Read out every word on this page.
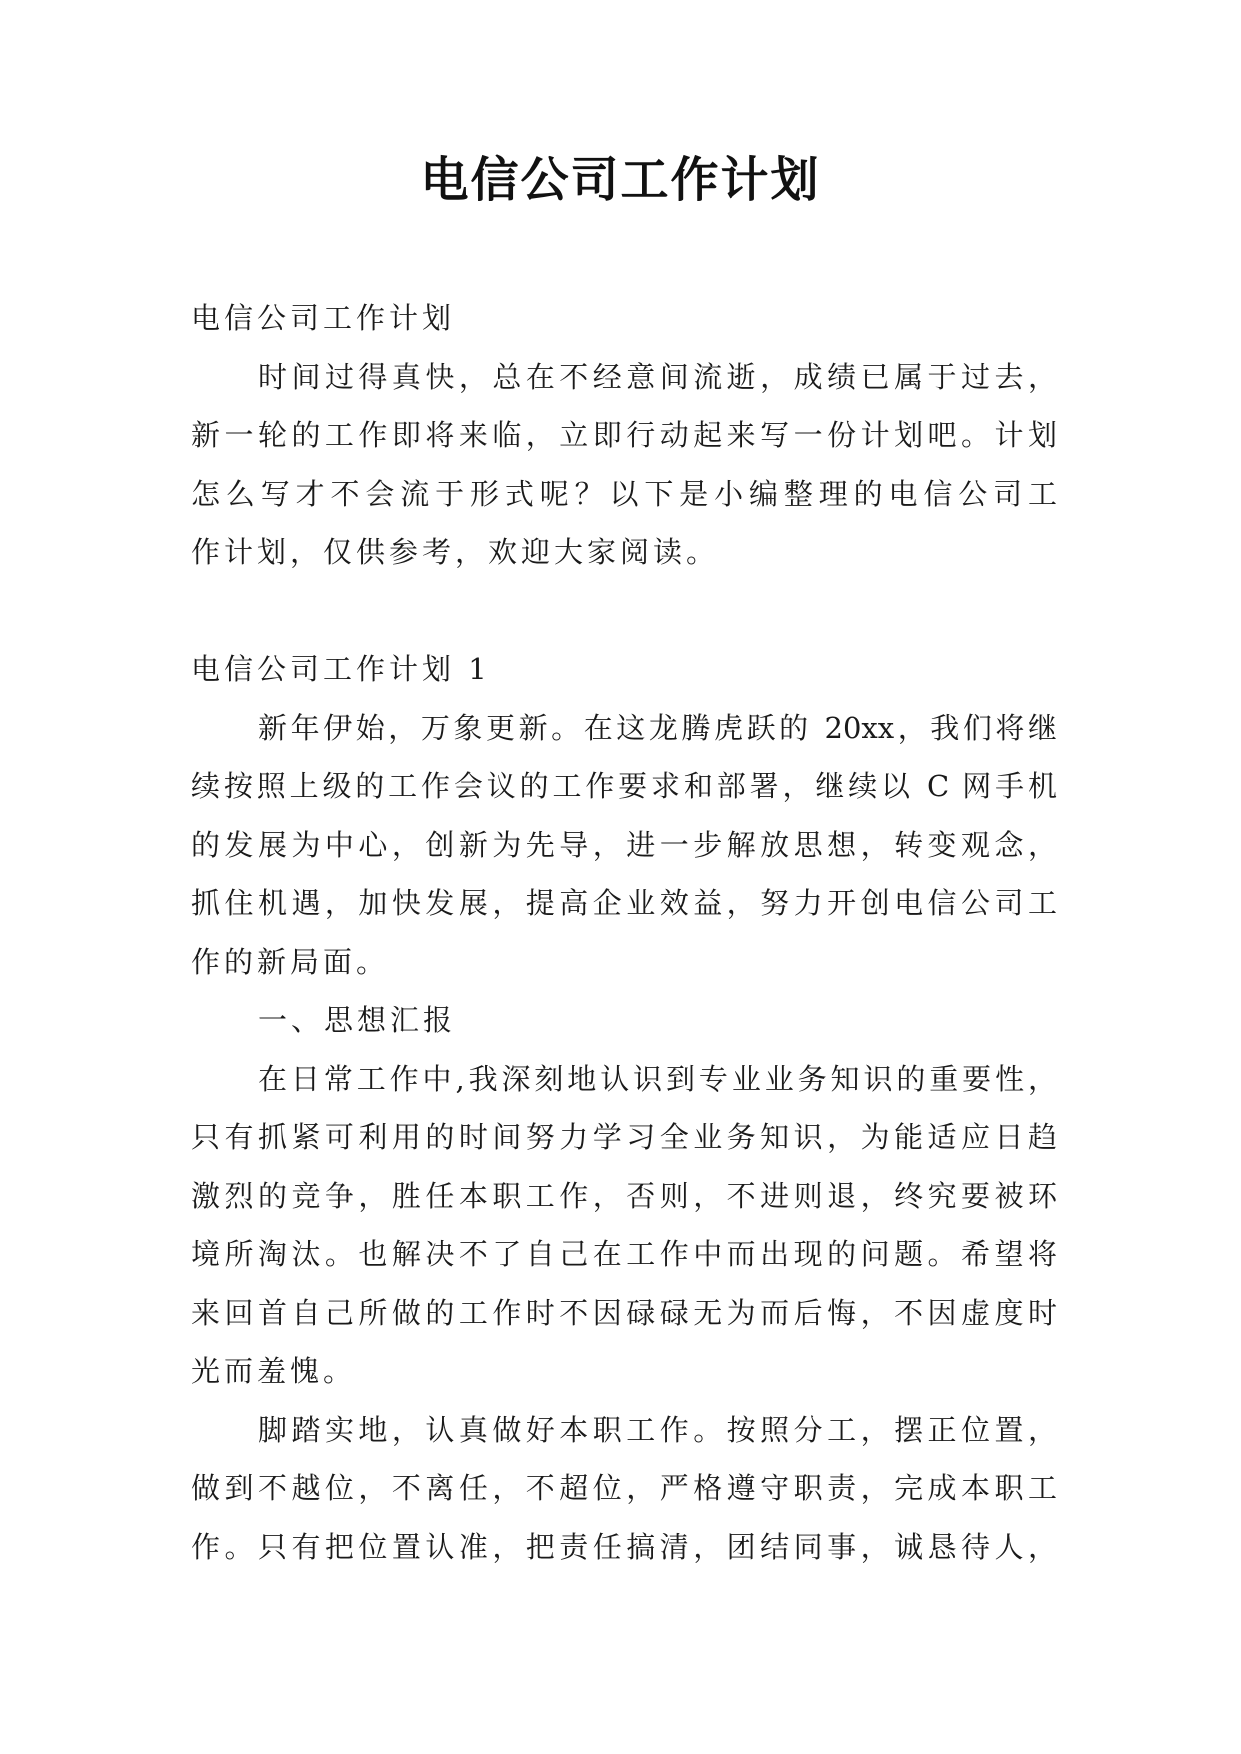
电信公司工作计划
电信公司工作计划
时间过得真快，总在不经意间流逝，成绩已属于过去，
新一轮的工作即将来临，立即行动起来写一份计划吧。计划
怎么写才不会流于形式呢？以下是小编整理的电信公司工
作计划，仅供参考，欢迎大家阅读。
电信公司工作计划 1
新年伊始，万象更新。在这龙腾虎跃的 20xx，我们将继
续按照上级的工作会议的工作要求和部署，继续以 C 网手机
的发展为中心，创新为先导，进一步解放思想，转变观念，
抓住机遇，加快发展，提高企业效益，努力开创电信公司工
作的新局面。
一、思想汇报
在日常工作中,我深刻地认识到专业业务知识的重要性，
只有抓紧可利用的时间努力学习全业务知识，为能适应日趋
激烈的竞争，胜任本职工作，否则，不进则退，终究要被环
境所淘汰。也解决不了自己在工作中而出现的问题。希望将
来回首自己所做的工作时不因碌碌无为而后悔，不因虚度时
光而羞愧。
脚踏实地，认真做好本职工作。按照分工，摆正位置，
做到不越位，不离任，不超位，严格遵守职责，完成本职工
作。只有把位置认准，把责任搞清，团结同事，诚恳待人，
